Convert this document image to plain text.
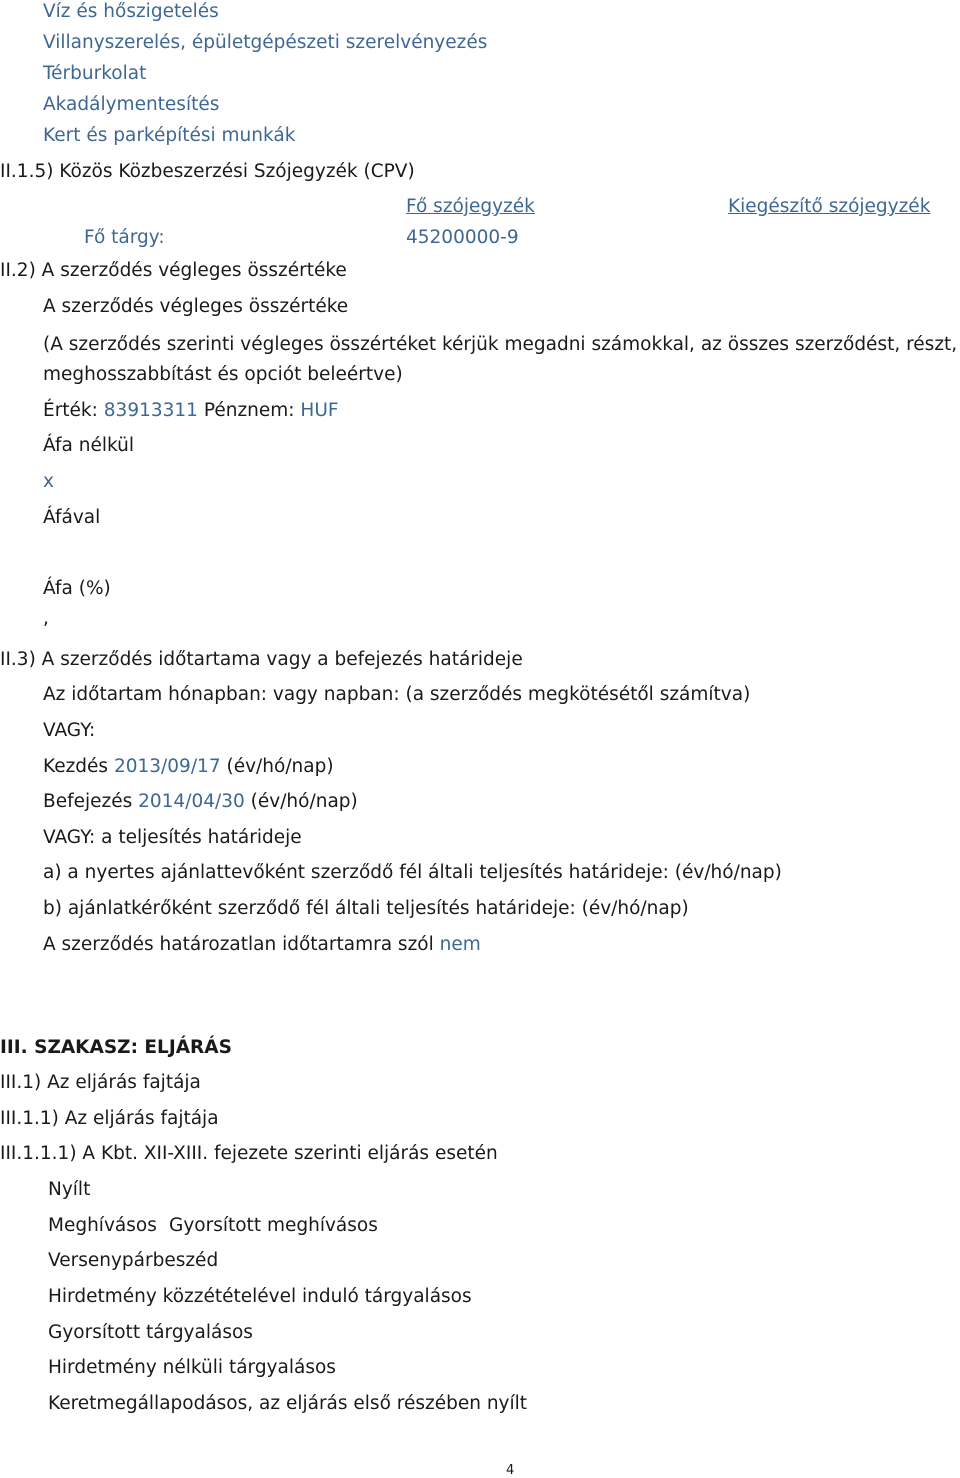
Víz és hőszigetelés
Villanyszerelés, épületgépészeti szerelvényezés
Térburkolat
Akadálymentesítés
Kert és parképítési munkák
II.1.5) Közös Közbeszerzési Szójegyzék (CPV)
Fő szójegyzék	Kiegészítő szójegyzék
Fő tárgy:	45200000-9
II.2) A szerződés végleges összértéke
A szerződés végleges összértéke
(A szerződés szerinti végleges összértéket kérjük megadni számokkal, az összes szerződést, részt,
meghosszabbítást és opciót beleértve)
Érték: 83913311 Pénznem: HUF
Áfa nélkül
x
Áfával
Áfa (%)
,
II.3) A szerződés időtartama vagy a befejezés határideje
Az időtartam hónapban: vagy napban: (a szerződés megkötésétől számítva)
VAGY:
Kezdés 2013/09/17 (év/hó/nap)
Befejezés 2014/04/30 (év/hó/nap)
VAGY: a teljesítés határideje
a) a nyertes ajánlattevőként szerződő fél általi teljesítés határideje: (év/hó/nap)
b) ajánlatkérőként szerződő fél általi teljesítés határideje: (év/hó/nap)
A szerződés határozatlan időtartamra szól nem
III. SZAKASZ: ELJÁRÁS
III.1) Az eljárás fajtája
III.1.1) Az eljárás fajtája
III.1.1.1) A Kbt. XII-XIII. fejezete szerinti eljárás esetén
Nyílt
Meghívásos Gyorsított meghívásos
Versenypárbeszéd
Hirdetmény közzétételével induló tárgyalásos
Gyorsított tárgyalásos
Hirdetmény nélküli tárgyalásos
Keretmegállapodásos, az eljárás első részében nyílt
4
